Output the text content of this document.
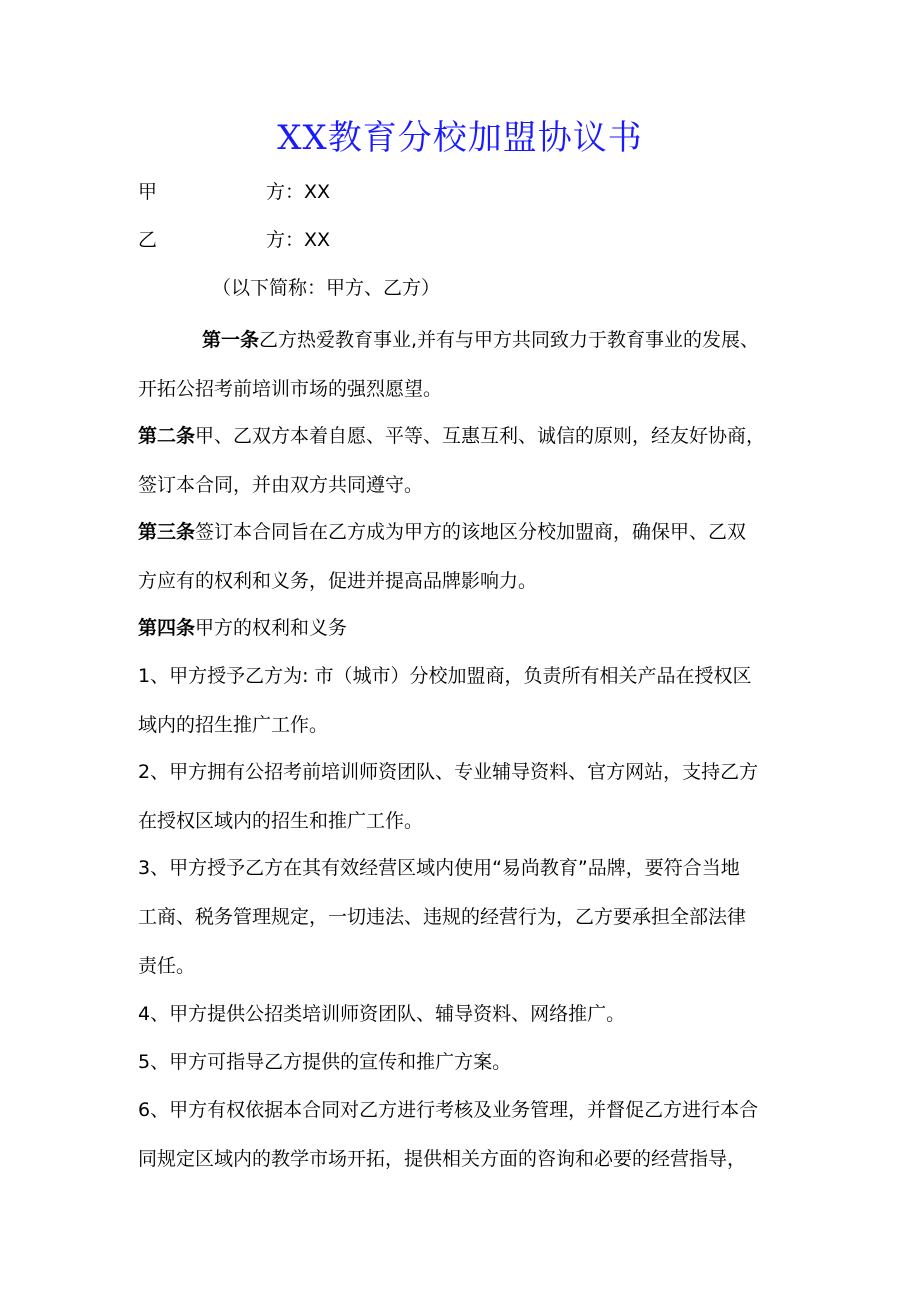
XX教育分校加盟协议书
甲	方：XX
乙	方：XX
（以下简称：甲方、乙方）
第一条乙方热爱教育事业,并有与甲方共同致力于教育事业的发展、
开拓公招考前培训市场的强烈愿望。
第二条甲、乙双方本着自愿、平等、互惠互利、诚信的原则，经友好协商，
签订本合同，并由双方共同遵守。
第三条签订本合同旨在乙方成为甲方的该地区分校加盟商，确保甲、乙双
方应有的权利和义务，促进并提高品牌影响力。
第四条甲方的权利和义务
1、甲方授予乙方为: 市（城市）分校加盟商，负责所有相关产品在授权区
域内的招生推广工作。
2、甲方拥有公招考前培训师资团队、专业辅导资料、官方网站，支持乙方
在授权区域内的招生和推广工作。
3、甲方授予乙方在其有效经营区域内使用“易尚教育”品牌，要符合当地
工商、税务管理规定，一切违法、违规的经营行为，乙方要承担全部法律
责任。
4、甲方提供公招类培训师资团队、辅导资料、网络推广。
5、甲方可指导乙方提供的宣传和推广方案。
6、甲方有权依据本合同对乙方进行考核及业务管理，并督促乙方进行本合
同规定区域内的教学市场开拓，提供相关方面的咨询和必要的经营指导，
